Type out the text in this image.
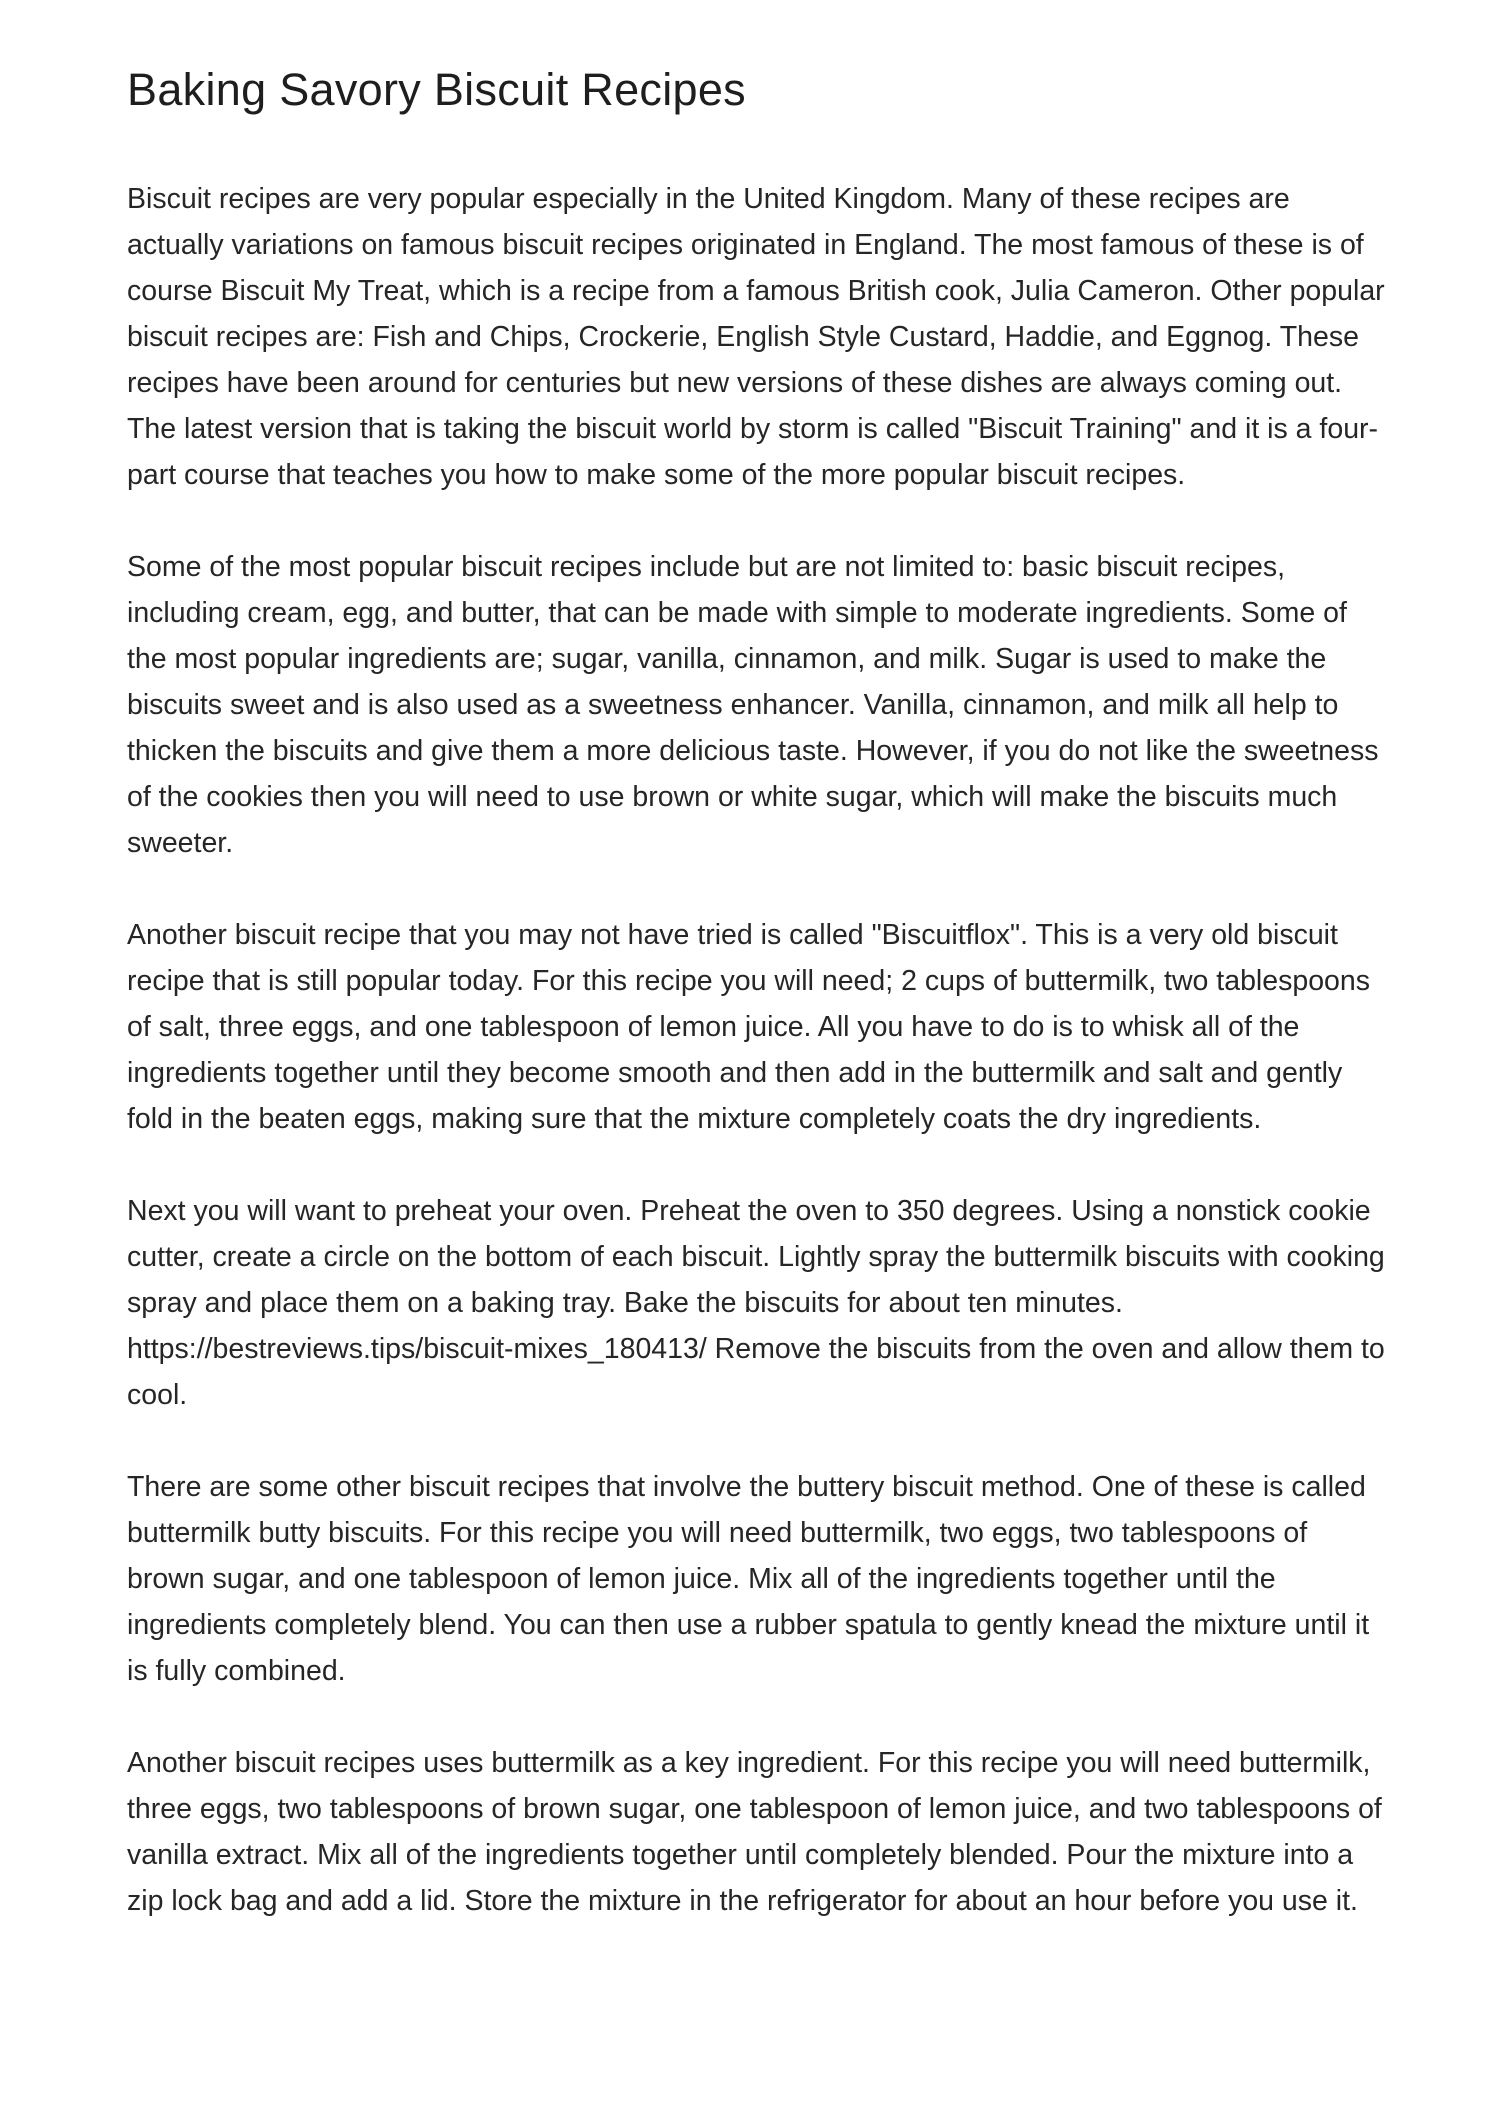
Baking Savory Biscuit Recipes

Biscuit recipes are very popular especially in the United Kingdom. Many of these recipes are actually variations on famous biscuit recipes originated in England. The most famous of these is of course Biscuit My Treat, which is a recipe from a famous British cook, Julia Cameron. Other popular biscuit recipes are: Fish and Chips, Crockerie, English Style Custard, Haddie, and Eggnog. These recipes have been around for centuries but new versions of these dishes are always coming out. The latest version that is taking the biscuit world by storm is called "Biscuit Training" and it is a four-part course that teaches you how to make some of the more popular biscuit recipes.

Some of the most popular biscuit recipes include but are not limited to: basic biscuit recipes, including cream, egg, and butter, that can be made with simple to moderate ingredients. Some of the most popular ingredients are; sugar, vanilla, cinnamon, and milk. Sugar is used to make the biscuits sweet and is also used as a sweetness enhancer. Vanilla, cinnamon, and milk all help to thicken the biscuits and give them a more delicious taste. However, if you do not like the sweetness of the cookies then you will need to use brown or white sugar, which will make the biscuits much sweeter.

Another biscuit recipe that you may not have tried is called "Biscuitflox". This is a very old biscuit recipe that is still popular today. For this recipe you will need; 2 cups of buttermilk, two tablespoons of salt, three eggs, and one tablespoon of lemon juice. All you have to do is to whisk all of the ingredients together until they become smooth and then add in the buttermilk and salt and gently fold in the beaten eggs, making sure that the mixture completely coats the dry ingredients.

Next you will want to preheat your oven. Preheat the oven to 350 degrees. Using a nonstick cookie cutter, create a circle on the bottom of each biscuit. Lightly spray the buttermilk biscuits with cooking spray and place them on a baking tray. Bake the biscuits for about ten minutes. https://bestreviews.tips/biscuit-mixes_180413/ Remove the biscuits from the oven and allow them to cool.

There are some other biscuit recipes that involve the buttery biscuit method. One of these is called buttermilk butty biscuits. For this recipe you will need buttermilk, two eggs, two tablespoons of brown sugar, and one tablespoon of lemon juice. Mix all of the ingredients together until the ingredients completely blend. You can then use a rubber spatula to gently knead the mixture until it is fully combined.

Another biscuit recipes uses buttermilk as a key ingredient. For this recipe you will need buttermilk, three eggs, two tablespoons of brown sugar, one tablespoon of lemon juice, and two tablespoons of vanilla extract. Mix all of the ingredients together until completely blended. Pour the mixture into a zip lock bag and add a lid. Store the mixture in the refrigerator for about an hour before you use it.
